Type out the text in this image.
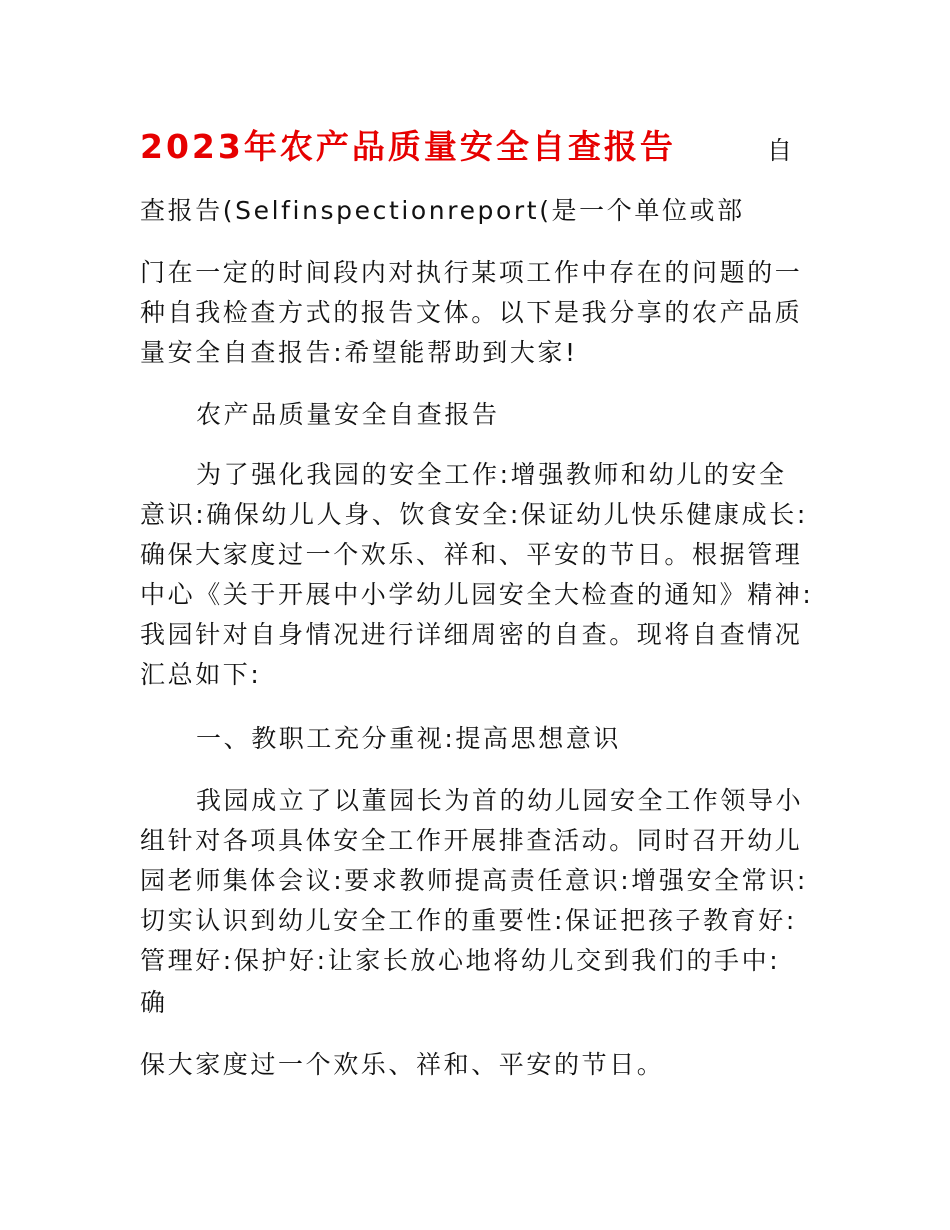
2023年农产品质量安全自查报告	自
查报告(Selfinspectionreport(是一个单位或部
门在一定的时间段内对执行某项工作中存在的问题的一
种自我检查方式的报告文体。以下是我分享的农产品质
量安全自查报告:希望能帮助到大家!
农产品质量安全自查报告
为了强化我园的安全工作:增强教师和幼儿的安全
意识:确保幼儿人身、饮食安全:保证幼儿快乐健康成长:
确保大家度过一个欢乐、祥和、平安的节日。根据管理
中心《关于开展中小学幼儿园安全大检查的通知》精神:
我园针对自身情况进行详细周密的自查。现将自查情况
汇总如下:
一、教职工充分重视:提高思想意识
我园成立了以董园长为首的幼儿园安全工作领导小
组针对各项具体安全工作开展排查活动。同时召开幼儿
园老师集体会议:要求教师提高责任意识:增强安全常识:
切实认识到幼儿安全工作的重要性:保证把孩子教育好:
管理好:保护好:让家长放心地将幼儿交到我们的手中:
确
保大家度过一个欢乐、祥和、平安的节日。
